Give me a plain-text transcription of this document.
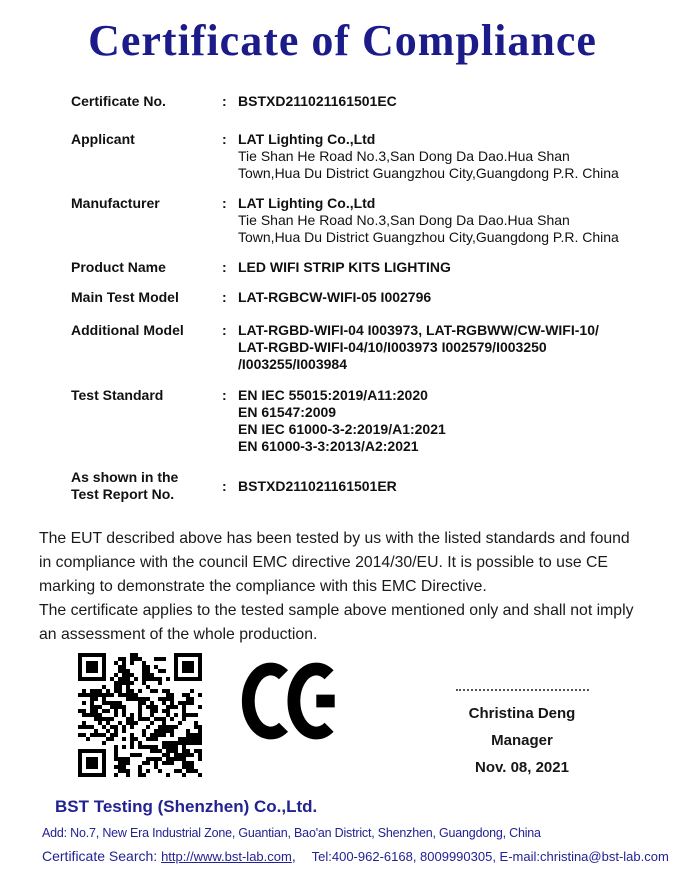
Certificate of Compliance
Certificate No.	: BSTXD211021161501EC
Applicant	: LAT Lighting Co.,Ltd
Tie Shan He Road No.3,San Dong Da Dao.Hua Shan
Town,Hua Du District Guangzhou City,Guangdong P.R. China
Manufacturer	: LAT Lighting Co.,Ltd
Tie Shan He Road No.3,San Dong Da Dao.Hua Shan
Town,Hua Du District Guangzhou City,Guangdong P.R. China
Product Name	: LED WIFI STRIP KITS LIGHTING
Main Test Model	: LAT-RGBCW-WIFI-05 I002796
Additional Model	: LAT-RGBD-WIFI-04 I003973, LAT-RGBWW/CW-WIFI-10/
LAT-RGBD-WIFI-04/10/I003973 I002579/I003250
/I003255/I003984
Test Standard	: EN IEC 55015:2019/A11:2020
EN 61547:2009
EN IEC 61000-3-2:2019/A1:2021
EN 61000-3-3:2013/A2:2021
As shown in the
Test Report No.
: BSTXD211021161501ER
The EUT described above has been tested by us with the listed standards and found
in compliance with the council EMC directive 2014/30/EU. It is possible to use CE
marking to demonstrate the compliance with this EMC Directive.
The certificate applies to the tested sample above mentioned only and shall not imply
an assessment of the whole production.
Christina Deng
Manager
Nov. 08, 2021
BST Testing (Shenzhen) Co.,Ltd.
Add: No.7, New Era Industrial Zone, Guantian, Bao'an District, Shenzhen, Guangdong, China
Certificate Search: http://www.bst-lab.com, Tel:400-962-6168, 8009990305, E-mail:christina@bst-lab.com
